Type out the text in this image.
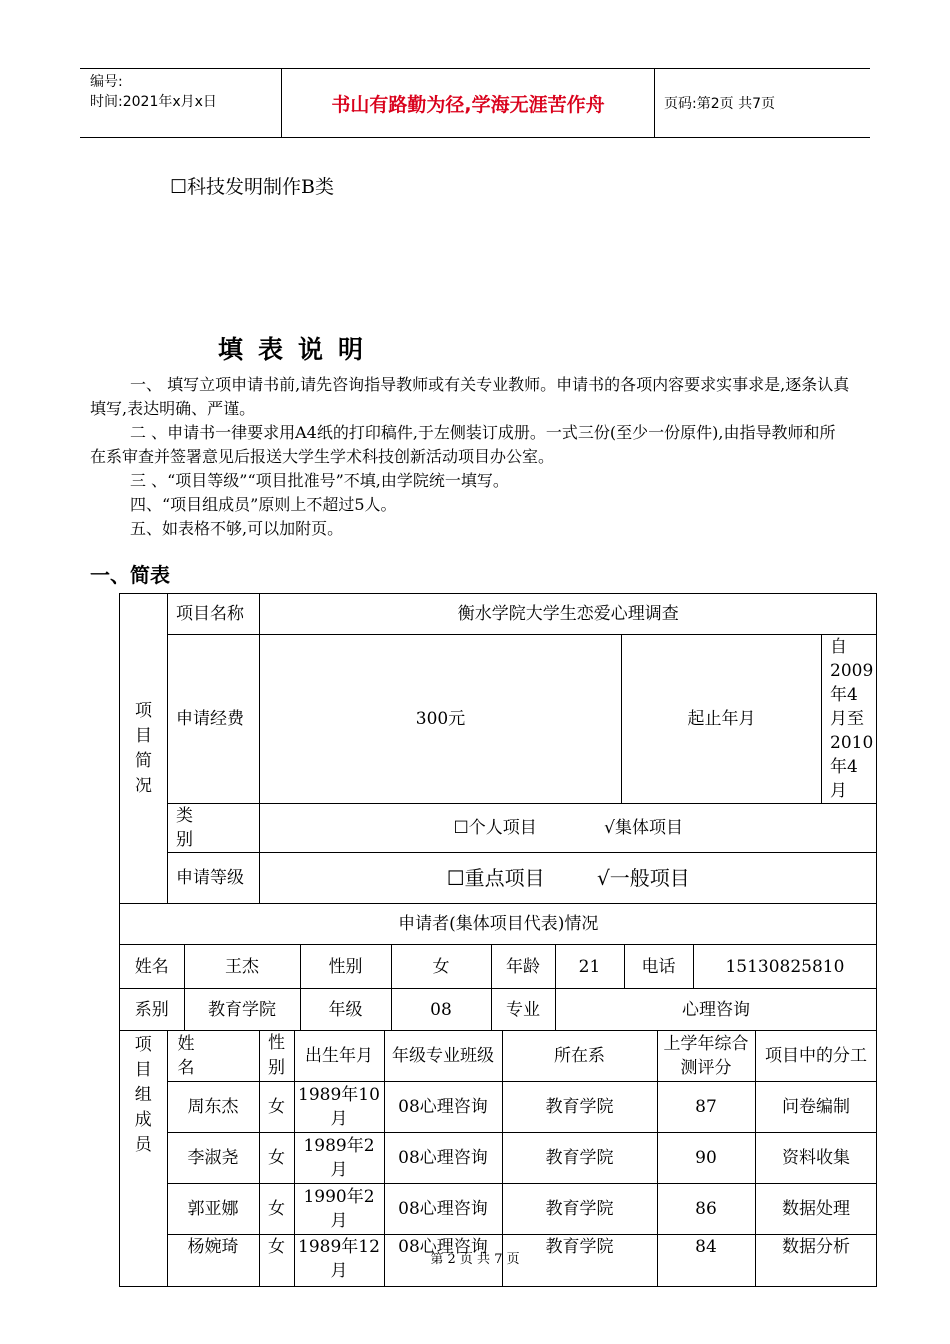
编号:
时间:2021年x月x日	书山有路勤为径,学海无涯苦作舟	页码:第2页 共7页
☐科技发明制作B类
填表说明
一、 填写立项申请书前,请先咨询指导教师或有关专业教师。申请书的各项内容要求实事求是,逐条认真填写,表达明确、严谨。
二 、申请书一律要求用A4纸的打印稿件,于左侧装订成册。一式三份(至少一份原件),由指导教师和所在系审查并签署意见后报送大学生学术科技创新活动项目办公室。
三 、“项目等级”“项目批准号”不填,由学院统一填写。
四、“项目组成员”原则上不超过5人。
五、如表格不够,可以加附页。
一、简表
项目简况	项目名称	衡水学院大学生恋爱心理调查
申请经费	300元	起止年月	自2009 年4月至 2010 年4月
类 别	☐个人项目	√集体项目
申请等级	☐重点项目	√一般项目
申请者(集体项目代表)情况

姓名	王杰	性别	女	年龄	21	电话	15130825810

系别	教育学院	年级	08	专业	心理咨询

项目组成员	姓 名	性别	出生年月	年级专业班级	所在系	上学年综合测评分	项目中的分工
周东杰	女	1989年10月	08心理咨询	教育学院	87	问卷编制
李淑尧	女	1989年2月	08心理咨询	教育学院	90	资料收集
郭亚娜	女	1990年2月	08心理咨询	教育学院	86	数据处理
杨婉琦	女	1989年12月	08心理咨询	教育学院	84	数据分析
第 2 页 共 7 页
